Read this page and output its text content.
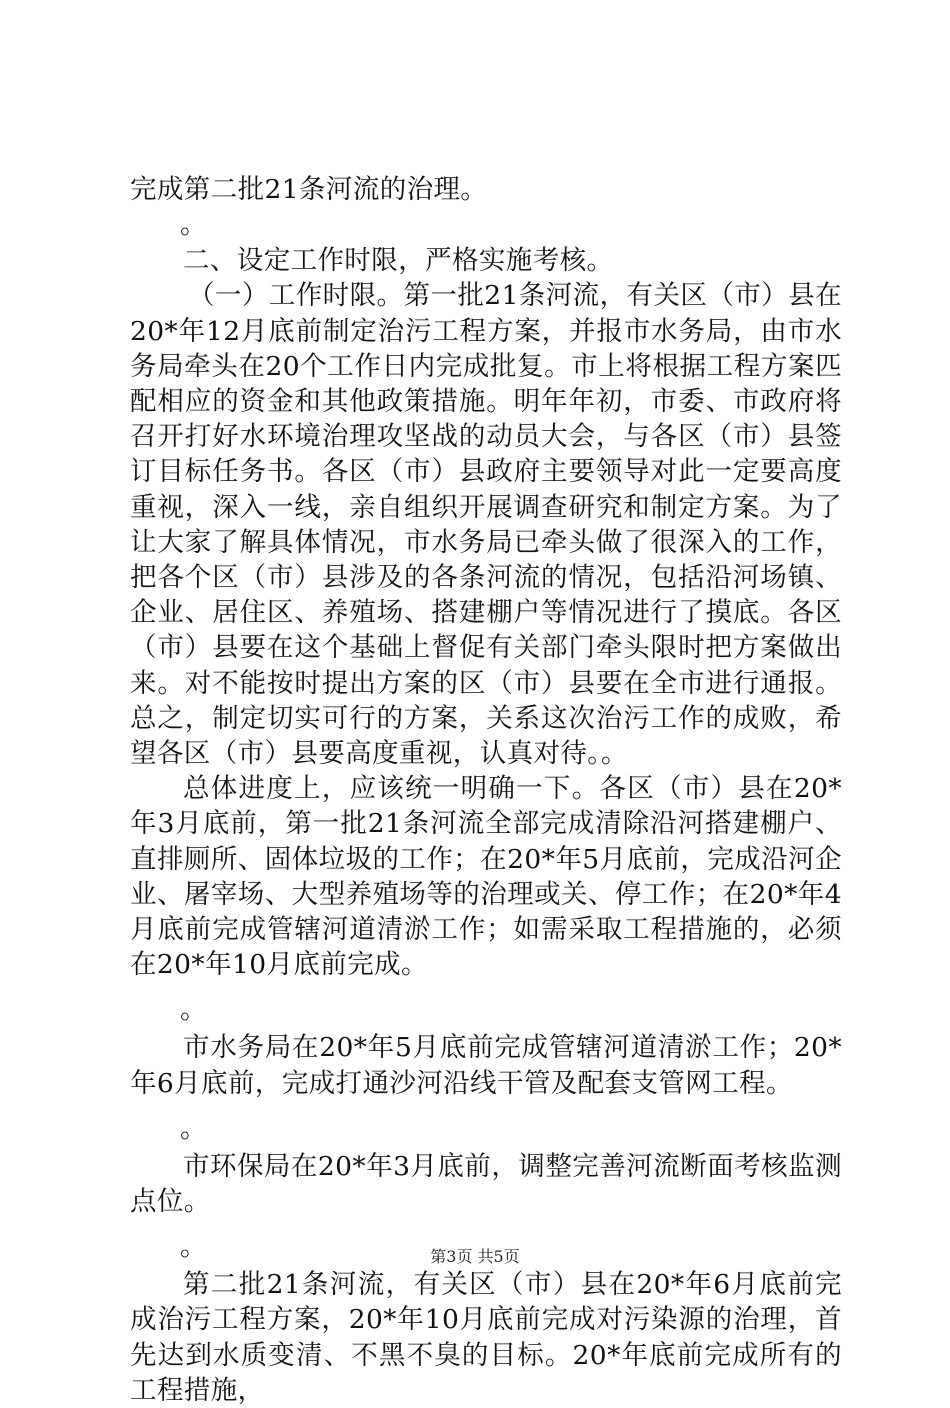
完成第二批21条河流的治理。

。

二、设定工作时限，严格实施考核。

（一）工作时限。第一批21条河流，有关区（市）县在20*年12月底前制定治污工程方案，并报市水务局，由市水务局牵头在20个工作日内完成批复。市上将根据工程方案匹配相应的资金和其他政策措施。明年年初，市委、市政府将召开打好水环境治理攻坚战的动员大会，与各区（市）县签订目标任务书。各区（市）县政府主要领导对此一定要高度重视，深入一线，亲自组织开展调查研究和制定方案。为了让大家了解具体情况，市水务局已牵头做了很深入的工作，把各个区（市）县涉及的各条河流的情况，包括沿河场镇、企业、居住区、养殖场、搭建棚户等情况进行了摸底。各区（市）县要在这个基础上督促有关部门牵头限时把方案做出来。对不能按时提出方案的区（市）县要在全市进行通报。总之，制定切实可行的方案，关系这次治污工作的成败，希望各区（市）县要高度重视，认真对待。。

总体进度上，应该统一明确一下。各区（市）县在20*年3月底前，第一批21条河流全部完成清除沿河搭建棚户、直排厕所、固体垃圾的工作；在20*年5月底前，完成沿河企业、屠宰场、大型养殖场等的治理或关、停工作；在20*年4月底前完成管辖河道清淤工作；如需采取工程措施的，必须在20*年10月底前完成。

。

市水务局在20*年5月底前完成管辖河道清淤工作；20*年6月底前，完成打通沙河沿线干管及配套支管网工程。

。

市环保局在20*年3月底前，调整完善河流断面考核监测点位。

。

第二批21条河流，有关区（市）县在20*年6月底前完成治污工程方案，20*年10月底前完成对污染源的治理，首先达到水质变清、不黑不臭的目标。20*年底前完成所有的工程措施，

第3页 共5页
